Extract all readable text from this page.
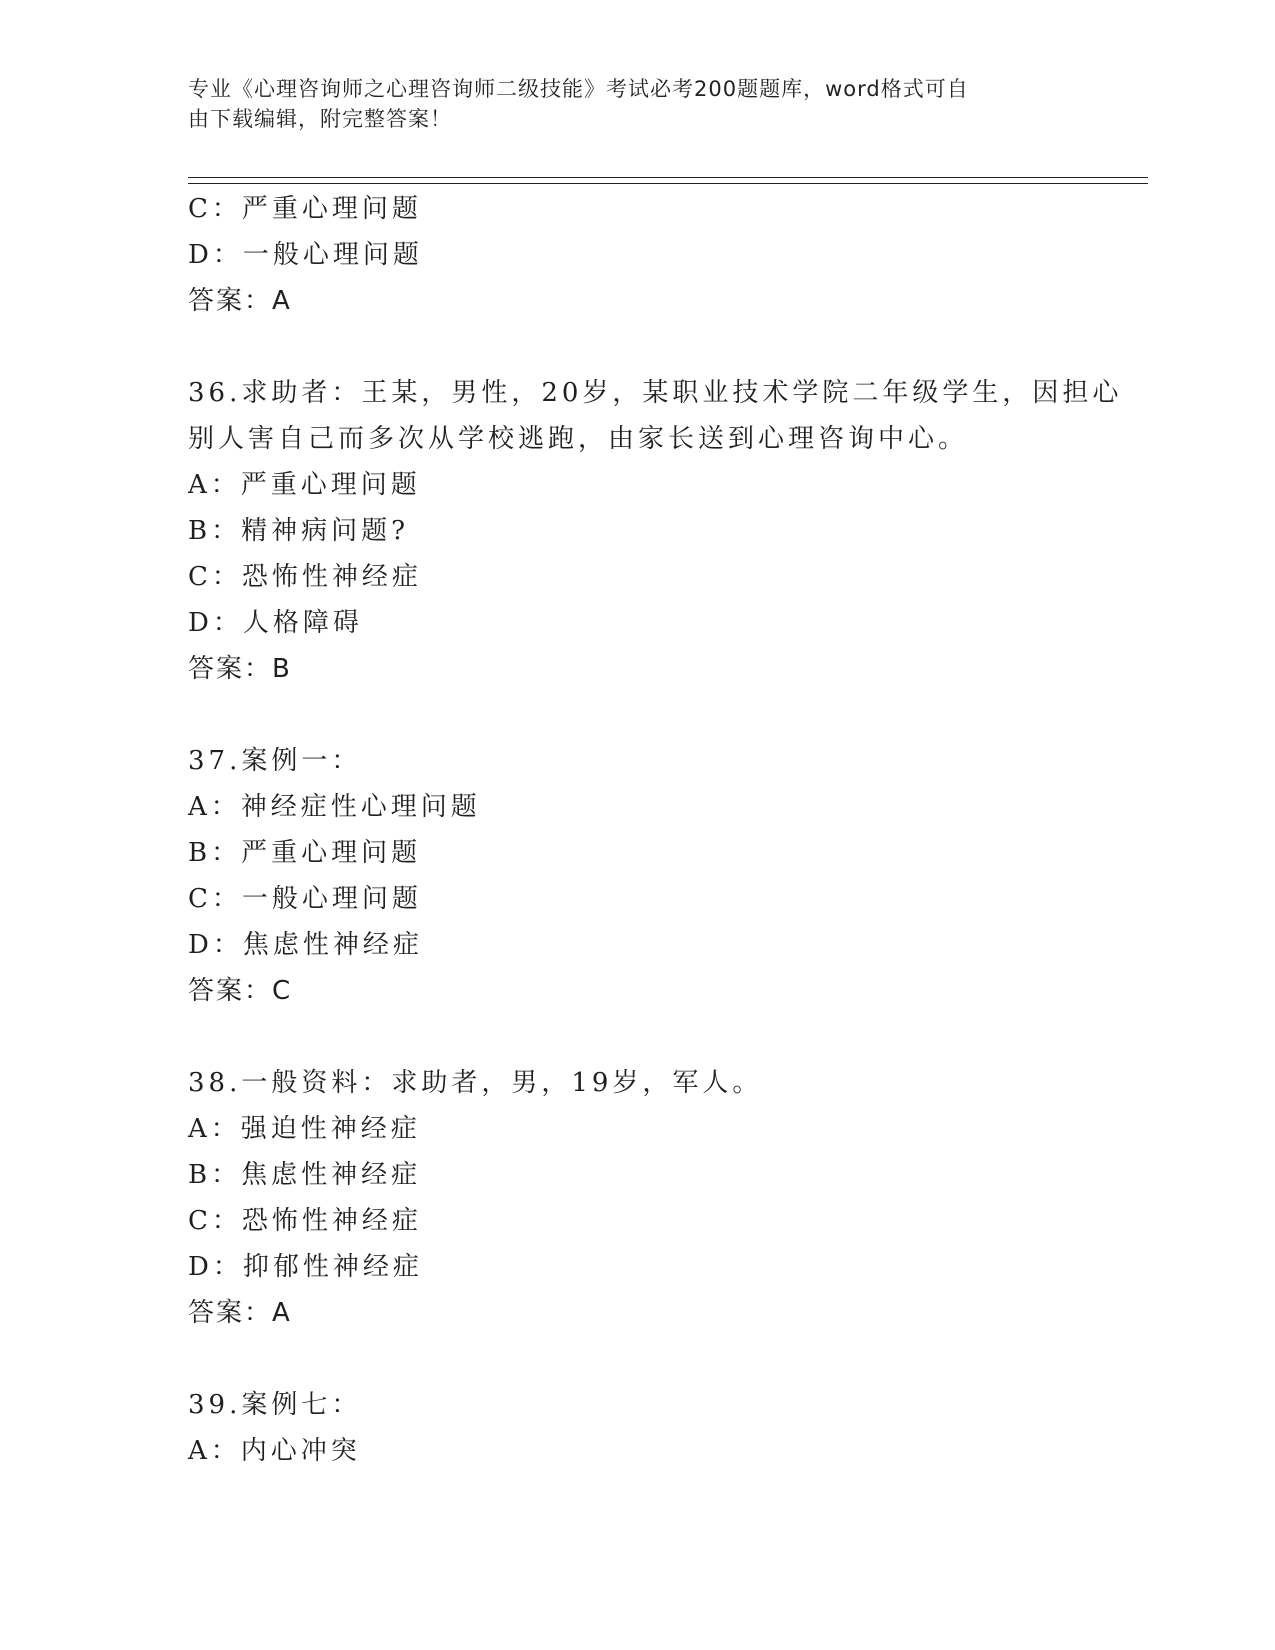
专业《心理咨询师之心理咨询师二级技能》考试必考200题题库，word格式可自
由下载编辑，附完整答案！
C：严重心理问题
D：一般心理问题
答案：A
36.求助者：王某，男性，20岁，某职业技术学院二年级学生，因担心
别人害自己而多次从学校逃跑，由家长送到心理咨询中心。
A：严重心理问题
B：精神病问题?
C：恐怖性神经症
D：人格障碍
答案：B
37.案例一：
A：神经症性心理问题
B：严重心理问题
C：一般心理问题
D：焦虑性神经症
答案：C
38.一般资料：求助者，男，19岁，军人。
A：强迫性神经症
B：焦虑性神经症
C：恐怖性神经症
D：抑郁性神经症
答案：A
39.案例七：
A：内心冲突
